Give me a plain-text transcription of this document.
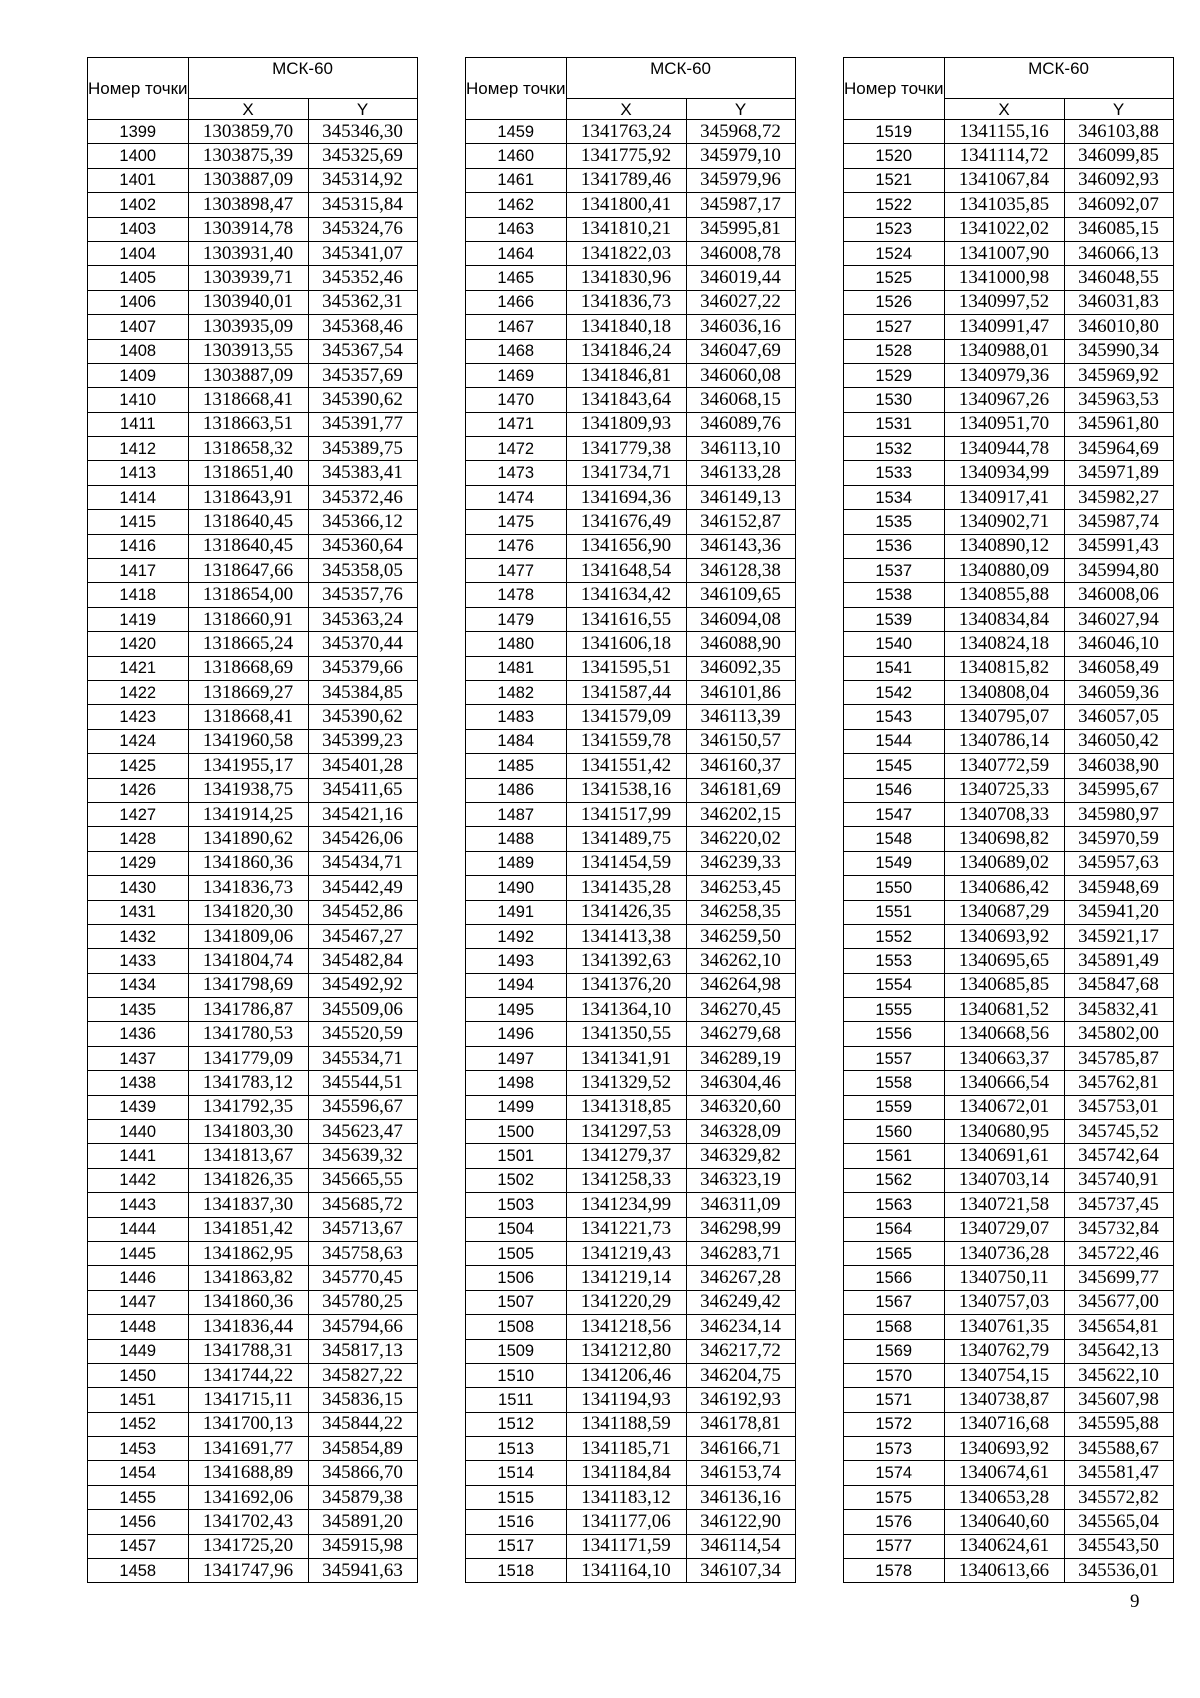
Номер точки	МСК-60	
	X	Y
1399	1303859,70	345346,30
1400	1303875,39	345325,69
1401	1303887,09	345314,92
1402	1303898,47	345315,84
1403	1303914,78	345324,76
1404	1303931,40	345341,07
1405	1303939,71	345352,46
1406	1303940,01	345362,31
1407	1303935,09	345368,46
1408	1303913,55	345367,54
1409	1303887,09	345357,69
1410	1318668,41	345390,62
1411	1318663,51	345391,77
1412	1318658,32	345389,75
1413	1318651,40	345383,41
1414	1318643,91	345372,46
1415	1318640,45	345366,12
1416	1318640,45	345360,64
1417	1318647,66	345358,05
1418	1318654,00	345357,76
1419	1318660,91	345363,24
1420	1318665,24	345370,44
1421	1318668,69	345379,66
1422	1318669,27	345384,85
1423	1318668,41	345390,62
1424	1341960,58	345399,23
1425	1341955,17	345401,28
1426	1341938,75	345411,65
1427	1341914,25	345421,16
1428	1341890,62	345426,06
1429	1341860,36	345434,71
1430	1341836,73	345442,49
1431	1341820,30	345452,86
1432	1341809,06	345467,27
1433	1341804,74	345482,84
1434	1341798,69	345492,92
1435	1341786,87	345509,06
1436	1341780,53	345520,59
1437	1341779,09	345534,71
1438	1341783,12	345544,51
1439	1341792,35	345596,67
1440	1341803,30	345623,47
1441	1341813,67	345639,32
1442	1341826,35	345665,55
1443	1341837,30	345685,72
1444	1341851,42	345713,67
1445	1341862,95	345758,63
1446	1341863,82	345770,45
1447	1341860,36	345780,25
1448	1341836,44	345794,66
1449	1341788,31	345817,13
1450	1341744,22	345827,22
1451	1341715,11	345836,15
1452	1341700,13	345844,22
1453	1341691,77	345854,89
1454	1341688,89	345866,70
1455	1341692,06	345879,38
1456	1341702,43	345891,20
1457	1341725,20	345915,98
1458	1341747,96	345941,63
Номер точки	МСК-60	
	X	Y
1459	1341763,24	345968,72
1460	1341775,92	345979,10
1461	1341789,46	345979,96
1462	1341800,41	345987,17
1463	1341810,21	345995,81
1464	1341822,03	346008,78
1465	1341830,96	346019,44
1466	1341836,73	346027,22
1467	1341840,18	346036,16
1468	1341846,24	346047,69
1469	1341846,81	346060,08
1470	1341843,64	346068,15
1471	1341809,93	346089,76
1472	1341779,38	346113,10
1473	1341734,71	346133,28
1474	1341694,36	346149,13
1475	1341676,49	346152,87
1476	1341656,90	346143,36
1477	1341648,54	346128,38
1478	1341634,42	346109,65
1479	1341616,55	346094,08
1480	1341606,18	346088,90
1481	1341595,51	346092,35
1482	1341587,44	346101,86
1483	1341579,09	346113,39
1484	1341559,78	346150,57
1485	1341551,42	346160,37
1486	1341538,16	346181,69
1487	1341517,99	346202,15
1488	1341489,75	346220,02
1489	1341454,59	346239,33
1490	1341435,28	346253,45
1491	1341426,35	346258,35
1492	1341413,38	346259,50
1493	1341392,63	346262,10
1494	1341376,20	346264,98
1495	1341364,10	346270,45
1496	1341350,55	346279,68
1497	1341341,91	346289,19
1498	1341329,52	346304,46
1499	1341318,85	346320,60
1500	1341297,53	346328,09
1501	1341279,37	346329,82
1502	1341258,33	346323,19
1503	1341234,99	346311,09
1504	1341221,73	346298,99
1505	1341219,43	346283,71
1506	1341219,14	346267,28
1507	1341220,29	346249,42
1508	1341218,56	346234,14
1509	1341212,80	346217,72
1510	1341206,46	346204,75
1511	1341194,93	346192,93
1512	1341188,59	346178,81
1513	1341185,71	346166,71
1514	1341184,84	346153,74
1515	1341183,12	346136,16
1516	1341177,06	346122,90
1517	1341171,59	346114,54
1518	1341164,10	346107,34
Номер точки	МСК-60	
	X	Y
1519	1341155,16	346103,88
1520	1341114,72	346099,85
1521	1341067,84	346092,93
1522	1341035,85	346092,07
1523	1341022,02	346085,15
1524	1341007,90	346066,13
1525	1341000,98	346048,55
1526	1340997,52	346031,83
1527	1340991,47	346010,80
1528	1340988,01	345990,34
1529	1340979,36	345969,92
1530	1340967,26	345963,53
1531	1340951,70	345961,80
1532	1340944,78	345964,69
1533	1340934,99	345971,89
1534	1340917,41	345982,27
1535	1340902,71	345987,74
1536	1340890,12	345991,43
1537	1340880,09	345994,80
1538	1340855,88	346008,06
1539	1340834,84	346027,94
1540	1340824,18	346046,10
1541	1340815,82	346058,49
1542	1340808,04	346059,36
1543	1340795,07	346057,05
1544	1340786,14	346050,42
1545	1340772,59	346038,90
1546	1340725,33	345995,67
1547	1340708,33	345980,97
1548	1340698,82	345970,59
1549	1340689,02	345957,63
1550	1340686,42	345948,69
1551	1340687,29	345941,20
1552	1340693,92	345921,17
1553	1340695,65	345891,49
1554	1340685,85	345847,68
1555	1340681,52	345832,41
1556	1340668,56	345802,00
1557	1340663,37	345785,87
1558	1340666,54	345762,81
1559	1340672,01	345753,01
1560	1340680,95	345745,52
1561	1340691,61	345742,64
1562	1340703,14	345740,91
1563	1340721,58	345737,45
1564	1340729,07	345732,84
1565	1340736,28	345722,46
1566	1340750,11	345699,77
1567	1340757,03	345677,00
1568	1340761,35	345654,81
1569	1340762,79	345642,13
1570	1340754,15	345622,10
1571	1340738,87	345607,98
1572	1340716,68	345595,88
1573	1340693,92	345588,67
1574	1340674,61	345581,47
1575	1340653,28	345572,82
1576	1340640,60	345565,04
1577	1340624,61	345543,50
1578	1340613,66	345536,01
9
